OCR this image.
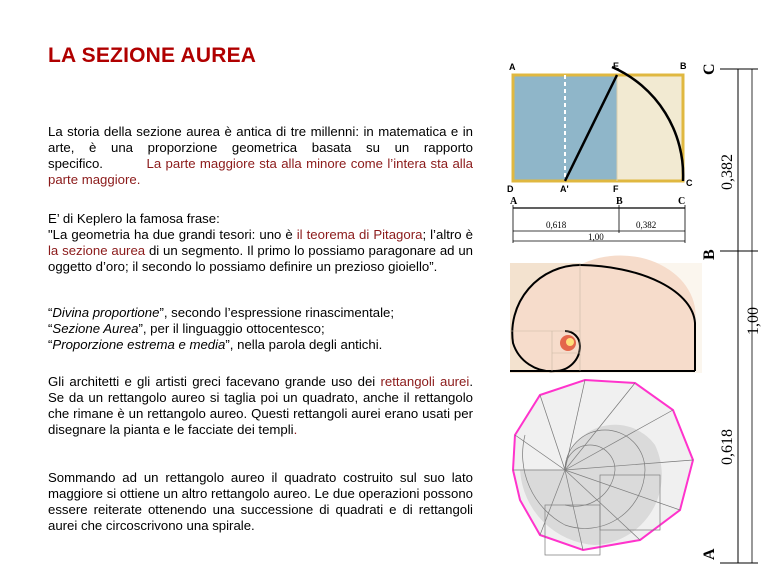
LA SEZIONE AUREA

La storia della sezione aurea è antica di tre millenni: in matematica e in arte, è una proporzione geometrica basata su un rapporto specifico.	La parte maggiore sta alla minore come l’intera sta alla parte maggiore.

E’ di Keplero la famosa frase:
"La geometria ha due grandi tesori: uno è il teorema di Pitagora; l’altro è la sezione aurea di un segmento. Il primo lo possiamo paragonare ad un oggetto d’oro; il secondo lo possiamo definire un prezioso gioiello”.

“Divina proportione”, secondo l’espressione rinascimentale;
“Sezione Aurea”, per il linguaggio ottocentesco;
“Proporzione estrema e media”, nella parola degli antichi.

Gli architetti e gli artisti greci facevano grande uso dei rettangoli aurei. Se da un rettangolo aureo si taglia poi un quadrato, anche il rettangolo che rimane è un rettangolo aureo. Questi rettangoli aurei erano usati per disegnare la pianta e le facciate dei templi.

Sommando ad un rettangolo aureo il quadrato costruito sul suo lato maggiore si ottiene un altro rettangolo aureo. Le due operazioni possono essere reiterate ottenendo una successione di quadrati e di rettangoli aurei che circoscrivono una spirale.

A	E	B
D	A'	F
C
A	B	C
0,618	0,382
1,00
C
B
A
0,382
1,00
0,618
